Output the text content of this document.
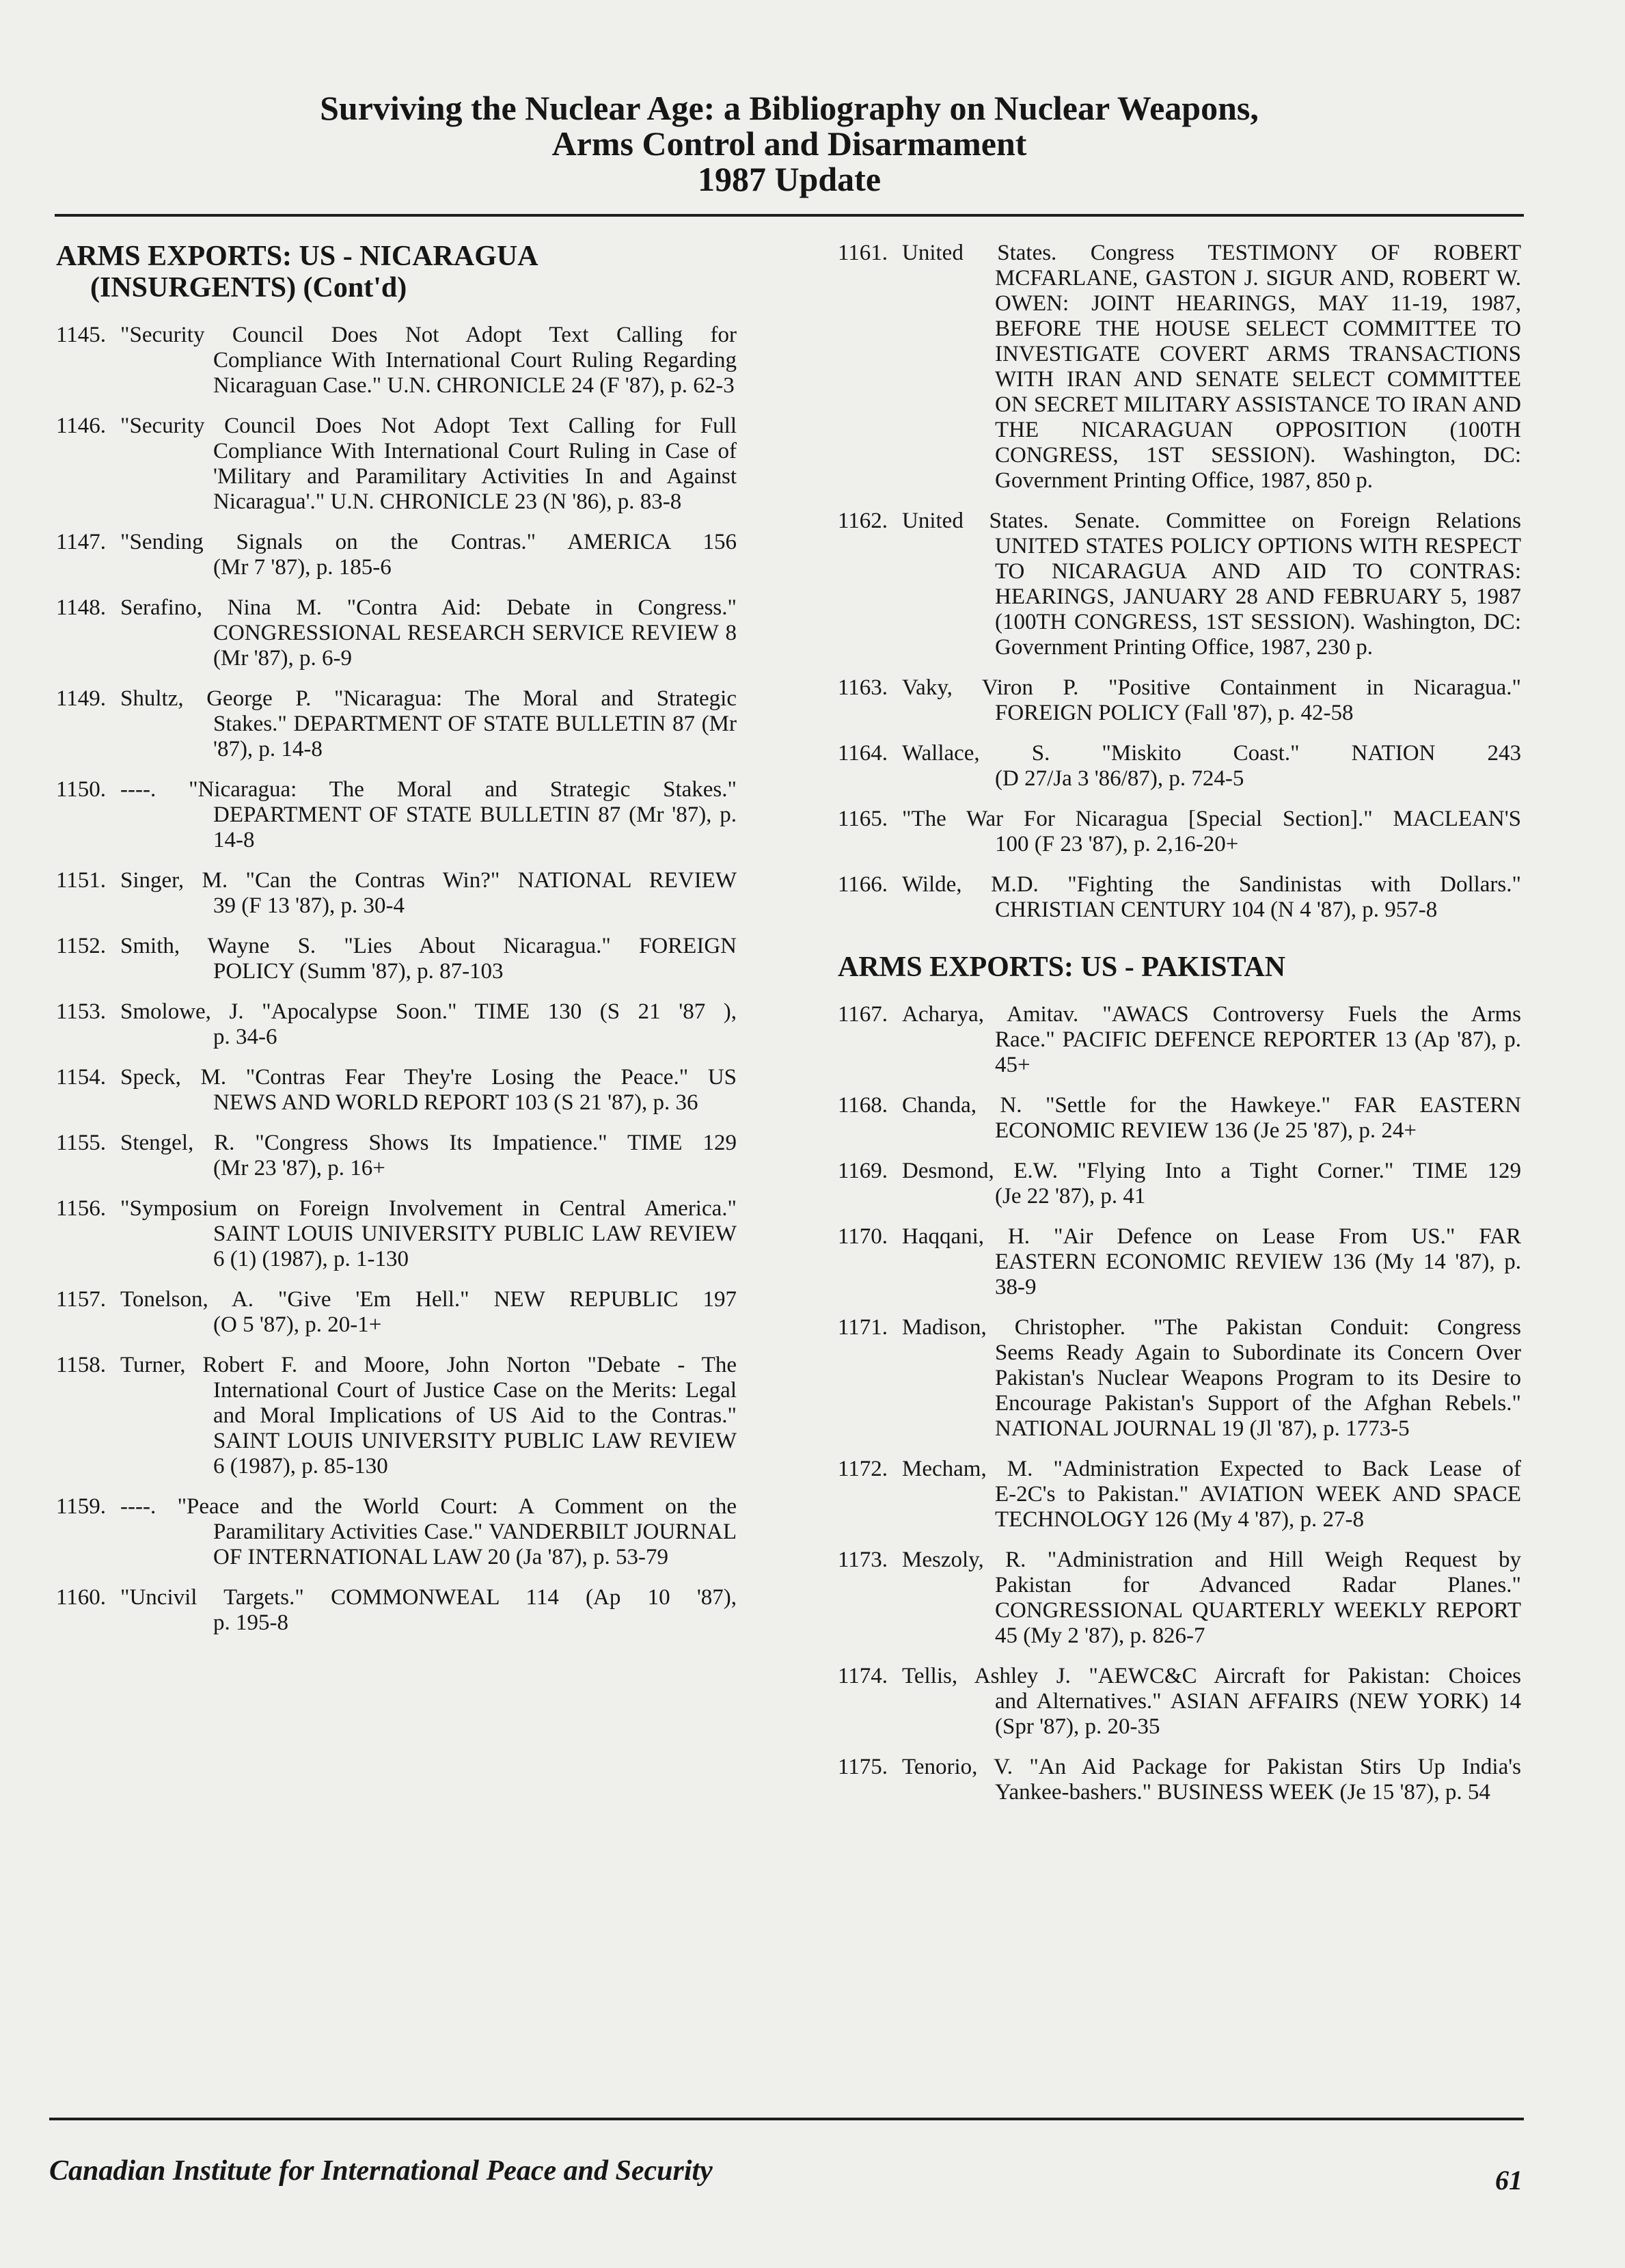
Surviving the Nuclear Age: a Bibliography on Nuclear Weapons,
Arms Control and Disarmament
1987 Update
ARMS EXPORTS: US - NICARAGUA
(INSURGENTS) (Cont'd)
1145. "Security Council Does Not Adopt Text Calling for
Compliance With International Court Ruling Regarding Nicaraguan Case." U.N. CHRONICLE 24 (F '87), p. 62-3
1146. "Security Council Does Not Adopt Text Calling for Full
Compliance With International Court Ruling in Case of 'Military and Paramilitary Activities In and Against Nicaragua'." U.N. CHRONICLE 23 (N '86), p. 83-8
1147. "Sending Signals on the Contras." AMERICA 156
(Mr 7 '87), p. 185-6
1148. Serafino, Nina M. "Contra Aid: Debate in Congress."
CONGRESSIONAL RESEARCH SERVICE REVIEW 8 (Mr '87), p. 6-9
1149. Shultz, George P. "Nicaragua: The Moral and Strategic
Stakes." DEPARTMENT OF STATE BULLETIN 87 (Mr '87), p. 14-8
1150. ----. "Nicaragua: The Moral and Strategic Stakes."
DEPARTMENT OF STATE BULLETIN 87 (Mr '87), p. 14-8
1151. Singer, M. "Can the Contras Win?" NATIONAL REVIEW
39 (F 13 '87), p. 30-4
1152. Smith, Wayne S. "Lies About Nicaragua." FOREIGN
POLICY (Summ '87), p. 87-103
1153. Smolowe, J. "Apocalypse Soon." TIME 130 (S 21 '87 ),
p. 34-6
1154. Speck, M. "Contras Fear They're Losing the Peace." US
NEWS AND WORLD REPORT 103 (S 21 '87), p. 36
1155. Stengel, R. "Congress Shows Its Impatience." TIME 129
(Mr 23 '87), p. 16+
1156. "Symposium on Foreign Involvement in Central America."
SAINT LOUIS UNIVERSITY PUBLIC LAW REVIEW 6 (1) (1987), p. 1-130
1157. Tonelson, A. "Give 'Em Hell." NEW REPUBLIC 197
(O 5 '87), p. 20-1+
1158. Turner, Robert F. and Moore, John Norton "Debate - The
International Court of Justice Case on the Merits: Legal and Moral Implications of US Aid to the Contras." SAINT LOUIS UNIVERSITY PUBLIC LAW REVIEW 6 (1987), p. 85-130
1159. ----. "Peace and the World Court: A Comment on the
Paramilitary Activities Case." VANDERBILT JOURNAL OF INTERNATIONAL LAW 20 (Ja '87), p. 53-79
1160. "Uncivil Targets." COMMONWEAL 114 (Ap 10 '87),
p. 195-8
1161. United States. Congress TESTIMONY OF ROBERT
MCFARLANE, GASTON J. SIGUR AND, ROBERT W. OWEN: JOINT HEARINGS, MAY 11-19, 1987, BEFORE THE HOUSE SELECT COMMITTEE TO INVESTIGATE COVERT ARMS TRANSACTIONS WITH IRAN AND SENATE SELECT COMMITTEE ON SECRET MILITARY ASSISTANCE TO IRAN AND THE NICARAGUAN OPPOSITION (100TH CONGRESS, 1ST SESSION). Washington, DC: Government Printing Office, 1987, 850 p.
1162. United States. Senate. Committee on Foreign Relations
UNITED STATES POLICY OPTIONS WITH RESPECT TO NICARAGUA AND AID TO CONTRAS: HEARINGS, JANUARY 28 AND FEBRUARY 5, 1987 (100TH CONGRESS, 1ST SESSION). Washington, DC: Government Printing Office, 1987, 230 p.
1163. Vaky, Viron P. "Positive Containment in Nicaragua."
FOREIGN POLICY (Fall '87), p. 42-58
1164. Wallace, S. "Miskito Coast." NATION 243
(D 27/Ja 3 '86/87), p. 724-5
1165. "The War For Nicaragua [Special Section]." MACLEAN'S
100 (F 23 '87), p. 2,16-20+
1166. Wilde, M.D. "Fighting the Sandinistas with Dollars."
CHRISTIAN CENTURY 104 (N 4 '87), p. 957-8
ARMS EXPORTS: US - PAKISTAN
1167. Acharya, Amitav. "AWACS Controversy Fuels the Arms
Race." PACIFIC DEFENCE REPORTER 13 (Ap '87), p. 45+
1168. Chanda, N. "Settle for the Hawkeye." FAR EASTERN
ECONOMIC REVIEW 136 (Je 25 '87), p. 24+
1169. Desmond, E.W. "Flying Into a Tight Corner." TIME 129
(Je 22 '87), p. 41
1170. Haqqani, H. "Air Defence on Lease From US." FAR
EASTERN ECONOMIC REVIEW 136 (My 14 '87), p. 38-9
1171. Madison, Christopher. "The Pakistan Conduit: Congress
Seems Ready Again to Subordinate its Concern Over Pakistan's Nuclear Weapons Program to its Desire to Encourage Pakistan's Support of the Afghan Rebels." NATIONAL JOURNAL 19 (Jl '87), p. 1773-5
1172. Mecham, M. "Administration Expected to Back Lease of
E-2C's to Pakistan." AVIATION WEEK AND SPACE TECHNOLOGY 126 (My 4 '87), p. 27-8
1173. Meszoly, R. "Administration and Hill Weigh Request by
Pakistan for Advanced Radar Planes." CONGRESSIONAL QUARTERLY WEEKLY REPORT 45 (My 2 '87), p. 826-7
1174. Tellis, Ashley J. "AEWC&C Aircraft for Pakistan: Choices
and Alternatives." ASIAN AFFAIRS (NEW YORK) 14 (Spr '87), p. 20-35
1175. Tenorio, V. "An Aid Package for Pakistan Stirs Up India's
Yankee-bashers." BUSINESS WEEK (Je 15 '87), p. 54
Canadian Institute for International Peace and Security	61
